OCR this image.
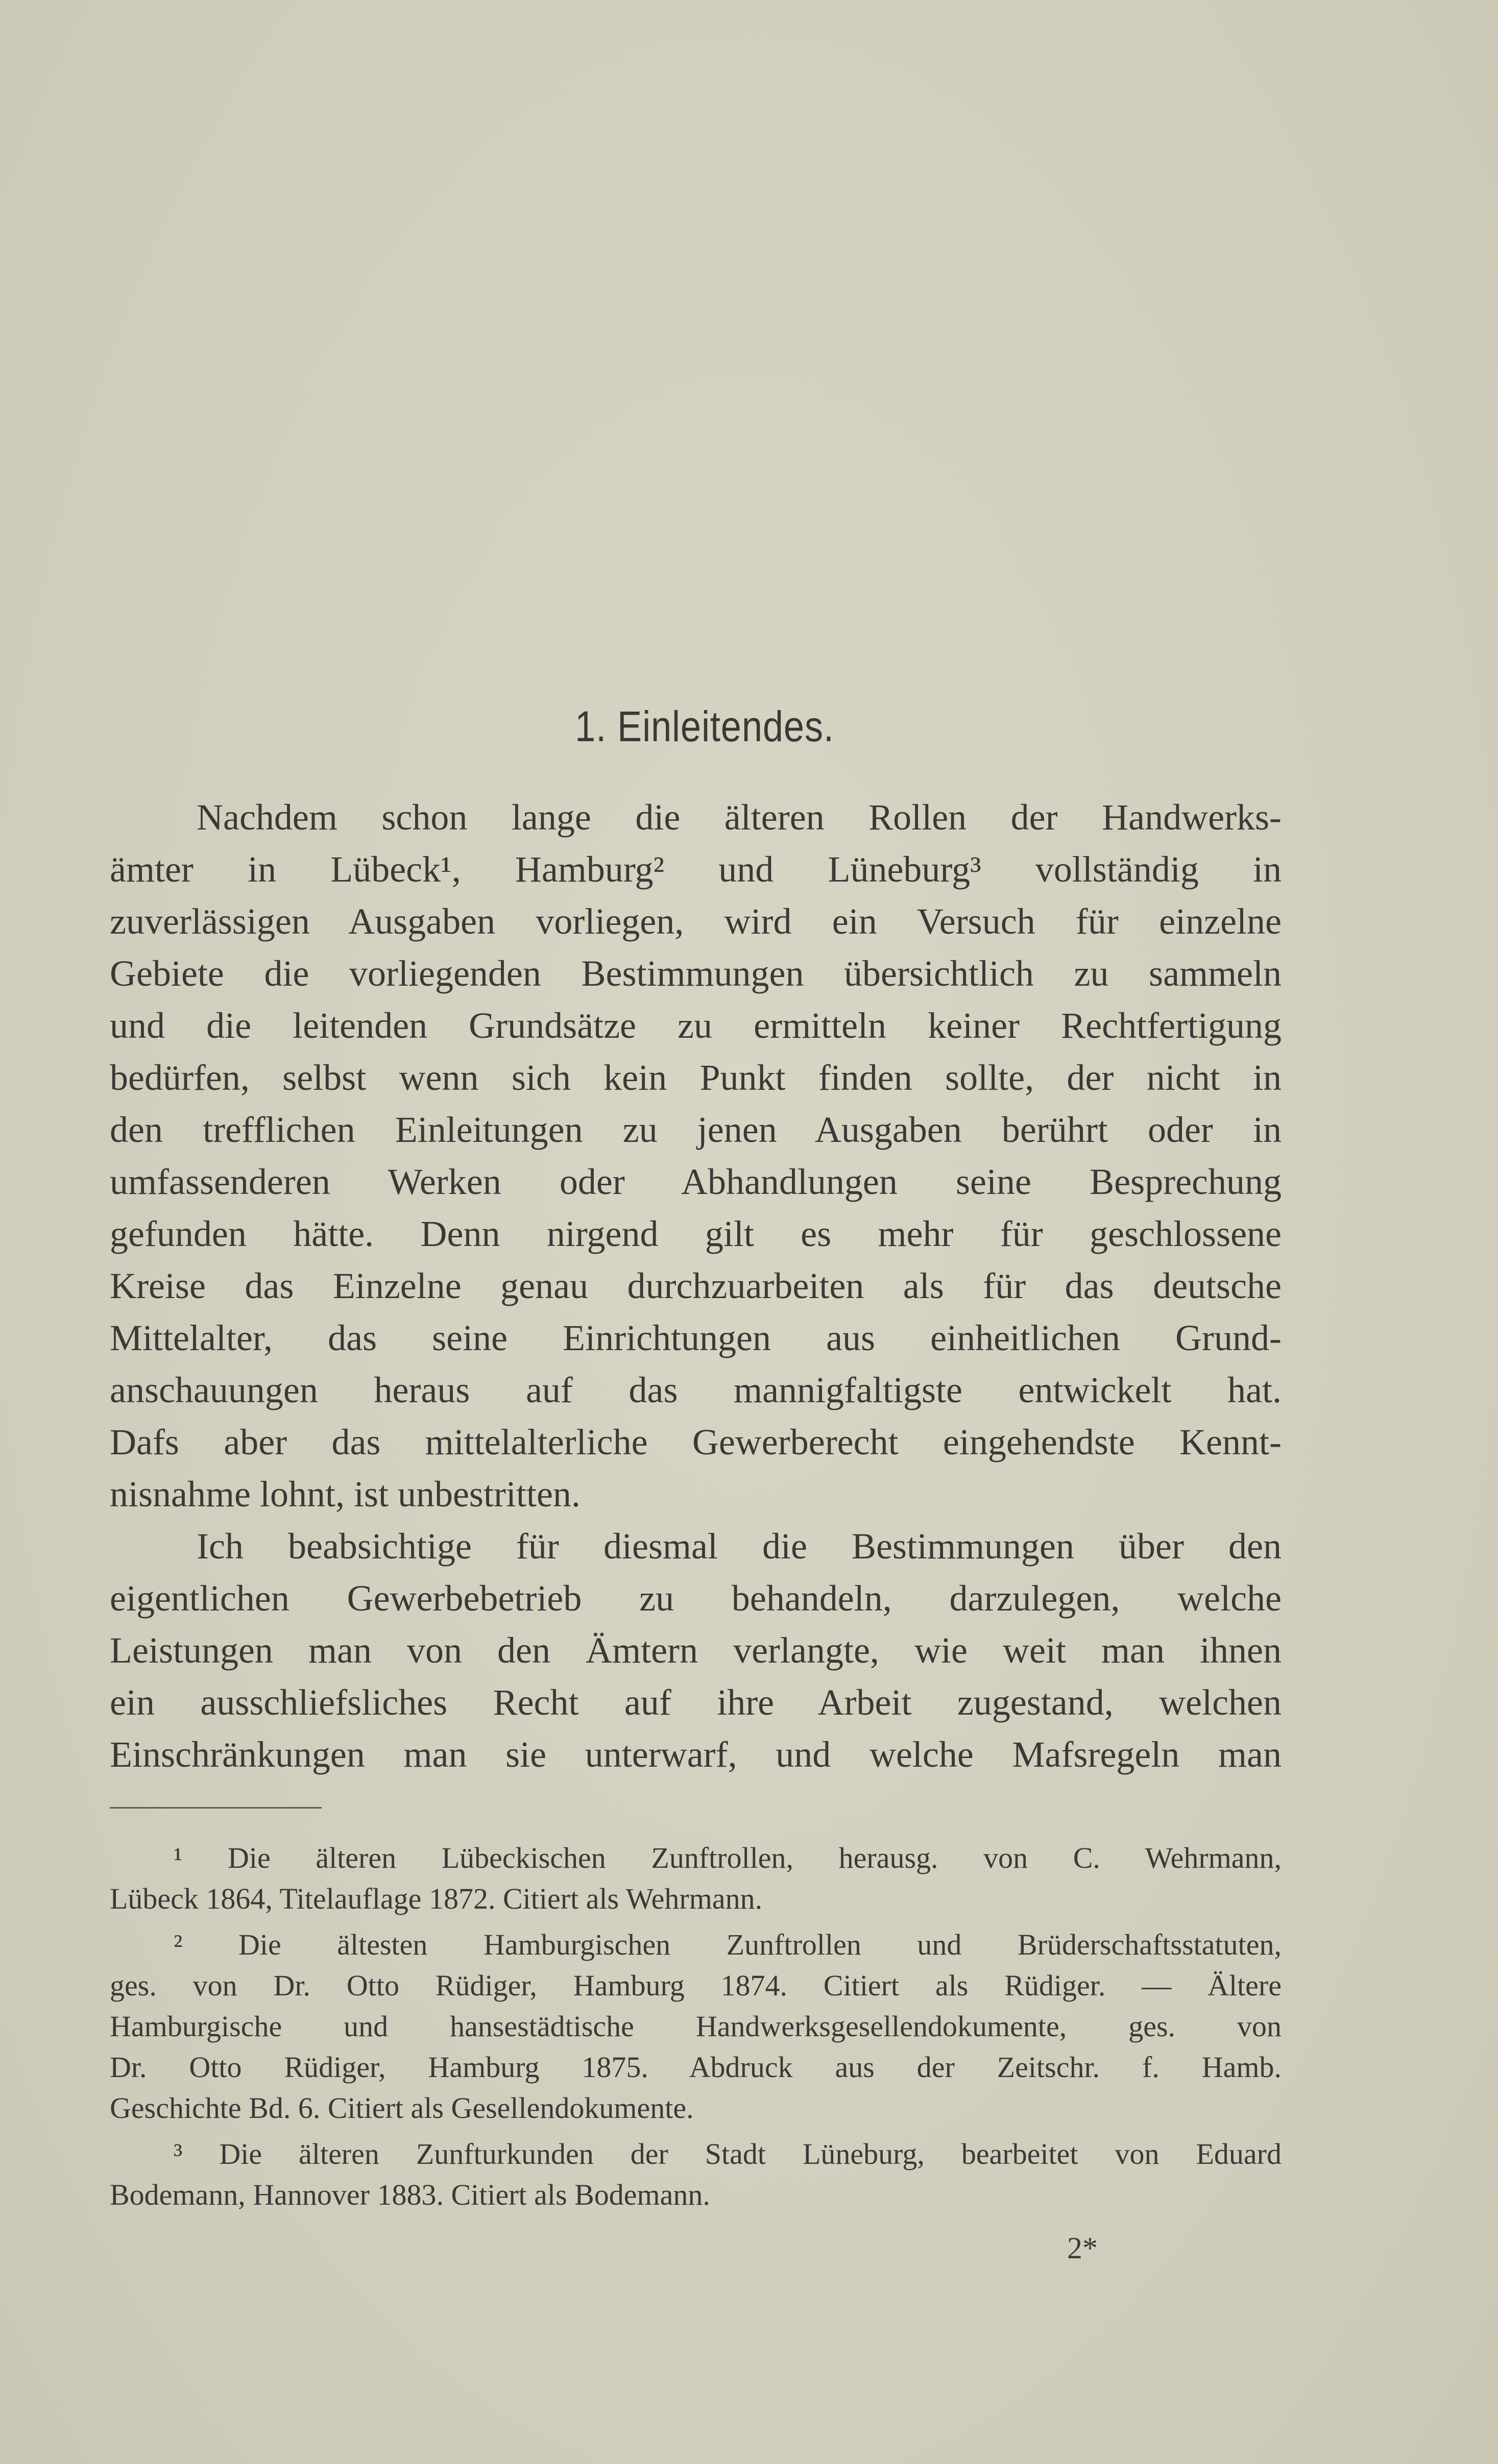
1. Einleitendes.
Nachdem schon lange die älteren Rollen der Handwerks-
ämter in Lübeck¹, Hamburg² und Lüneburg³ vollständig in
zuverlässigen Ausgaben vorliegen, wird ein Versuch für einzelne
Gebiete die vorliegenden Bestimmungen übersichtlich zu sammeln
und die leitenden Grundsätze zu ermitteln keiner Rechtfertigung
bedürfen, selbst wenn sich kein Punkt finden sollte, der nicht in
den trefflichen Einleitungen zu jenen Ausgaben berührt oder in
umfassenderen Werken oder Abhandlungen seine Besprechung
gefunden hätte. Denn nirgend gilt es mehr für geschlossene
Kreise das Einzelne genau durchzuarbeiten als für das deutsche
Mittelalter, das seine Einrichtungen aus einheitlichen Grund-
anschauungen heraus auf das mannigfaltigste entwickelt hat.
Dafs aber das mittelalterliche Gewerberecht eingehendste Kennt-
nisnahme lohnt, ist unbestritten.
Ich beabsichtige für diesmal die Bestimmungen über den
eigentlichen Gewerbebetrieb zu behandeln, darzulegen, welche
Leistungen man von den Ämtern verlangte, wie weit man ihnen
ein ausschliefsliches Recht auf ihre Arbeit zugestand, welchen
Einschränkungen man sie unterwarf, und welche Mafsregeln man
¹ Die älteren Lübeckischen Zunftrollen, herausg. von C. Wehrmann,
Lübeck 1864, Titelauflage 1872. Citiert als Wehrmann.
² Die ältesten Hamburgischen Zunftrollen und Brüderschaftsstatuten,
ges. von Dr. Otto Rüdiger, Hamburg 1874. Citiert als Rüdiger. — Ältere
Hamburgische und hansestädtische Handwerksgesellendokumente, ges. von
Dr. Otto Rüdiger, Hamburg 1875. Abdruck aus der Zeitschr. f. Hamb.
Geschichte Bd. 6. Citiert als Gesellendokumente.
³ Die älteren Zunfturkunden der Stadt Lüneburg, bearbeitet von Eduard
Bodemann, Hannover 1883. Citiert als Bodemann.
2*
